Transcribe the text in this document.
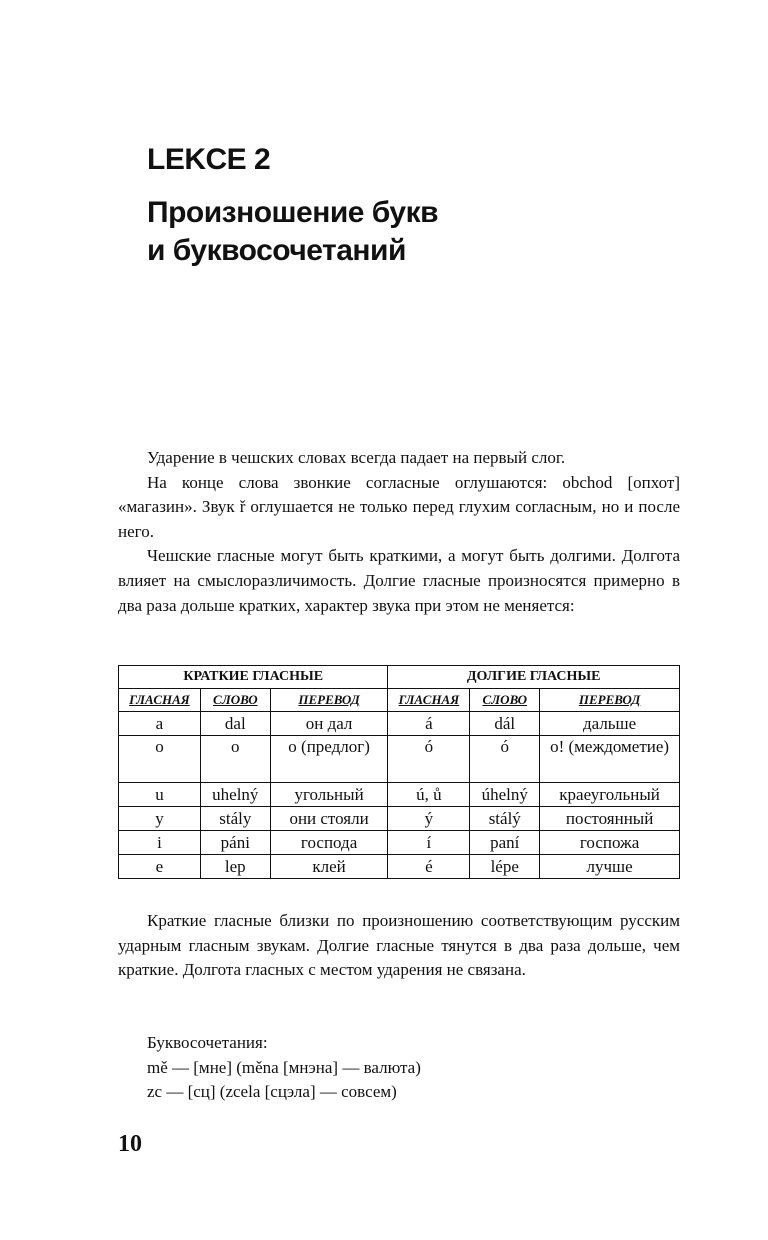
LEKCE 2
Произношение букв
и буквосочетаний

Ударение в чешских словах всегда падает на первый слог.

На конце слова звонкие согласные оглушаются: obchod [опхот] «магазин». Звук ř оглушается не только перед глухим согласным, но и после него.

Чешские гласные могут быть краткими, а могут быть долгими. Долгота влияет на смыслоразличимость. Долгие гласные произносятся примерно в два раза дольше кратких, характер звука при этом не меняется:

КРАТКИЕ ГЛАСНЫЕ			ДОЛГИЕ ГЛАСНЫЕ		
ГЛАСНАЯ	СЛОВО	ПЕРЕВОД	ГЛАСНАЯ	СЛОВО	ПЕРЕВОД
a	dal	он дал	á	dál	дальше
o	o	о (предлог)	ó	ó	о! (междометие)
u	uhelný	угольный	ú, ů	úhelný	краеугольный
y	stály	они стояли	ý	stálý	постоянный
i	páni	господа	í	paní	госпожа
e	lep	клей	é	lépe	лучше

Краткие гласные близки по произношению соответствующим русским ударным гласным звукам. Долгие гласные тянутся в два раза дольше, чем краткие. Долгота гласных с местом ударения не связана.

Буквосочетания:
mě — [мне] (měna [мнэна] — валюта)
zc — [сц] (zcela [сцэла] — совсем)
10
